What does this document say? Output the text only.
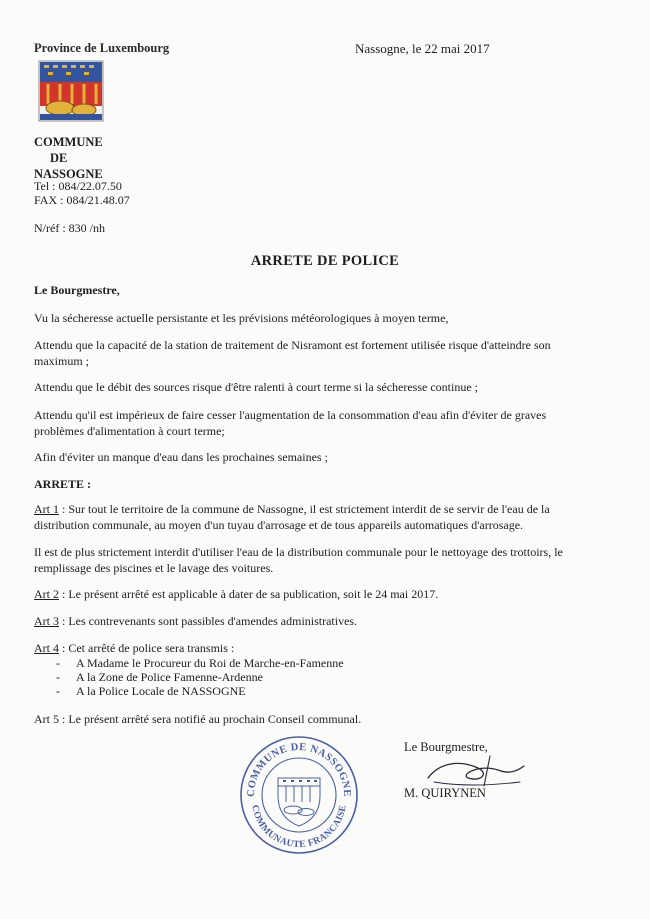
Province de Luxembourg	Nassogne, le 22 mai 2017
COMMUNE
DE
NASSOGNE
Tel : 084/22.07.50
FAX : 084/21.48.07
N/réf : 830 /nh
ARRETE DE POLICE
Le Bourgmestre,
Vu la sécheresse actuelle persistante et les prévisions météorologiques à moyen terme,
Attendu que la capacité de la station de traitement de Nisramont est fortement utilisée risque d'atteindre son maximum ;
Attendu que le débit des sources risque d'être ralenti à court terme si la sécheresse continue ;
Attendu qu'il est impérieux de faire cesser l'augmentation de la consommation d'eau afin d'éviter de graves problèmes d'alimentation à court terme;
Afin d'éviter un manque d'eau dans les prochaines semaines ;
ARRETE :
Art 1 : Sur tout le territoire de la commune de Nassogne, il est strictement interdit de se servir de l'eau de la distribution communale, au moyen d'un tuyau d'arrosage et de tous appareils automatiques d'arrosage.
Il est de plus strictement interdit d'utiliser l'eau de la distribution communale pour le nettoyage des trottoirs, le remplissage des piscines et le lavage des voitures.
Art 2 : Le présent arrêté est applicable à dater de sa publication, soit le 24 mai 2017.
Art 3 : Les contrevenants sont passibles d'amendes administratives.
Art 4 : Cet arrêté de police sera transmis :
- A Madame le Procureur du Roi de Marche-en-Famenne
- A la Zone de Police Famenne-Ardenne
- A la Police Locale de NASSOGNE
Art 5 : Le présent arrêté sera notifié au prochain Conseil communal.
COMMUNE DE NASSOGNE
COMMUNAUTE FRANCAISE
Le Bourgmestre,
M. QUIRYNEN
